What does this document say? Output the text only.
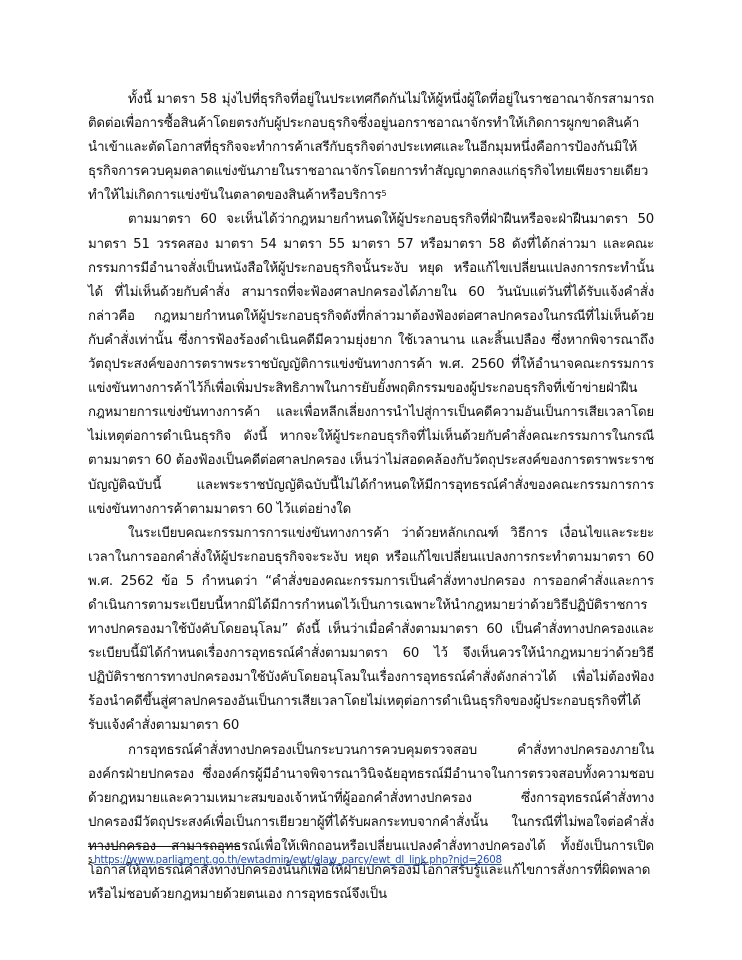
ทั้งนี้ มาตรา 58 มุ่งไปที่ธุรกิจที่อยู่ในประเทศกีดกันไม่ให้ผู้หนึ่งผู้ใดที่อยู่ในราชอาณาจักรสามารถติดต่อเพื่อการซื้อสินค้าโดยตรงกับผู้ประกอบธุรกิจซึ่งอยู่นอกราชอาณาจักรทำให้เกิดการผูกขาดสินค้านำเข้าและตัดโอกาสที่ธุรกิจจะทำการค้าเสรีกับธุรกิจต่างประเทศและในอีกมุมหนึ่งคือการป้องกันมิให้ธุรกิจการควบคุมตลาดแข่งขันภายในราชอาณาจักรโดยการทำสัญญาตกลงแก่ธุรกิจไทยเพียงรายเดียว ทำให้ไม่เกิดการแข่งขันในตลาดของสินค้าหรือบริการ$^5$

ตามมาตรา 60 จะเห็นได้ว่ากฎหมายกำหนดให้ผู้ประกอบธุรกิจที่ฝ่าฝืนหรือจะฝ่าฝืนมาตรา 50 มาตรา 51 วรรคสอง มาตรา 54 มาตรา 55 มาตรา 57 หรือมาตรา 58 ดังที่ได้กล่าวมา และคณะกรรมการมีอำนาจสั่งเป็นหนังสือให้ผู้ประกอบธุรกิจนั้นระงับ หยุด หรือแก้ไขเปลี่ยนแปลงการกระทำนั้นได้ ที่ไม่เห็นด้วยกับคำสั่ง สามารถที่จะฟ้องศาลปกครองได้ภายใน 60 วันนับแต่วันที่ได้รับแจ้งคำสั่ง กล่าวคือ กฎหมายกำหนดให้ผู้ประกอบธุรกิจดังที่กล่าวมาต้องฟ้องต่อศาลปกครองในกรณีที่ไม่เห็นด้วยกับคำสั่งเท่านั้น ซึ่งการฟ้องร้องดำเนินคดีมีความยุ่งยาก ใช้เวลานาน และสิ้นเปลือง ซึ่งหากพิจารณาถึงวัตถุประสงค์ของการตราพระราชบัญญัติการแข่งขันทางการค้า พ.ศ. 2560 ที่ให้อำนาจคณะกรรมการแข่งขันทางการค้าไว้ก็เพื่อเพิ่มประสิทธิภาพในการยับยั้งพฤติกรรมของผู้ประกอบธุรกิจที่เข้าข่ายฝ่าฝืนกฎหมายการแข่งขันทางการค้า และเพื่อหลีกเลี่ยงการนำไปสู่การเป็นคดีความอันเป็นการเสียเวลาโดยไม่เหตุต่อการดำเนินธุรกิจ ดังนี้ หากจะให้ผู้ประกอบธุรกิจที่ไม่เห็นด้วยกับคำสั่งคณะกรรมการในกรณีตามมาตรา 60 ต้องฟ้องเป็นคดีต่อศาลปกครอง เห็นว่าไม่สอดคล้องกับวัตถุประสงค์ของการตราพระราชบัญญัติฉบับนี้ และพระราชบัญญัติฉบับนี้ไม่ได้กำหนดให้มีการอุทธรณ์คำสั่งของคณะกรรมการการแข่งขันทางการค้าตามมาตรา 60 ไว้แต่อย่างใด

ในระเบียบคณะกรรมการการแข่งขันทางการค้า ว่าด้วยหลักเกณฑ์ วิธีการ เงื่อนไขและระยะเวลาในการออกคำสั่งให้ผู้ประกอบธุรกิจจะระงับ หยุด หรือแก้ไขเปลี่ยนแปลงการกระทำตามมาตรา 60 พ.ศ. 2562 ข้อ 5 กำหนดว่า “คำสั่งของคณะกรรมการเป็นคำสั่งทางปกครอง การออกคำสั่งและการดำเนินการตามระเบียบนี้หากมิได้มีการกำหนดไว้เป็นการเฉพาะให้นำกฎหมายว่าด้วยวิธีปฏิบัติราชการทางปกครองมาใช้บังคับโดยอนุโลม” ดังนี้ เห็นว่าเมื่อคำสั่งตามมาตรา 60 เป็นคำสั่งทางปกครองและระเบียบนี้มิได้กำหนดเรื่องการอุทธรณ์คำสั่งตามมาตรา 60 ไว้ จึงเห็นควรให้นำกฎหมายว่าด้วยวิธีปฏิบัติราชการทางปกครองมาใช้บังคับโดยอนุโลมในเรื่องการอุทธรณ์คำสั่งดังกล่าวได้ เพื่อไม่ต้องฟ้องร้องนำคดีขึ้นสู่ศาลปกครองอันเป็นการเสียเวลาโดยไม่เหตุต่อการดำเนินธุรกิจของผู้ประกอบธุรกิจที่ได้รับแจ้งคำสั่งตามมาตรา 60

การอุทธรณ์คำสั่งทางปกครองเป็นกระบวนการควบคุมตรวจสอบ คำสั่งทางปกครองภายในองค์กรฝ่ายปกครอง ซึ่งองค์กรผู้มีอำนาจพิจารณาวินิจฉัยอุทธรณ์มีอำนาจในการตรวจสอบทั้งความชอบด้วยกฎหมายและความเหมาะสมของเจ้าหน้าที่ผู้ออกคำสั่งทางปกครอง ซึ่งการอุทธรณ์คำสั่งทางปกครองมีวัตถุประสงค์เพื่อเป็นการเยียวยาผู้ที่ได้รับผลกระทบจากคำสั่งนั้น ในกรณีที่ไม่พอใจต่อคำสั่งทางปกครอง สามารถอุทธรณ์เพื่อให้เพิกถอนหรือเปลี่ยนแปลงคำสั่งทางปกครองได้ ทั้งยังเป็นการเปิดโอกาสให้อุทธรณ์คำสั่งทางปกครองนั้นก็เพื่อให้ฝ่ายปกครองมีโอกาสรับรู้และแก้ไขการสั่งการที่ผิดพลาดหรือไม่ชอบด้วยกฎหมายด้วยตนเอง การอุทธรณ์จึงเป็น

$^5$ https://www.parliament.go.th/ewtadmin/ewt/elaw_parcy/ewt_dl_link.php?nid=2608
